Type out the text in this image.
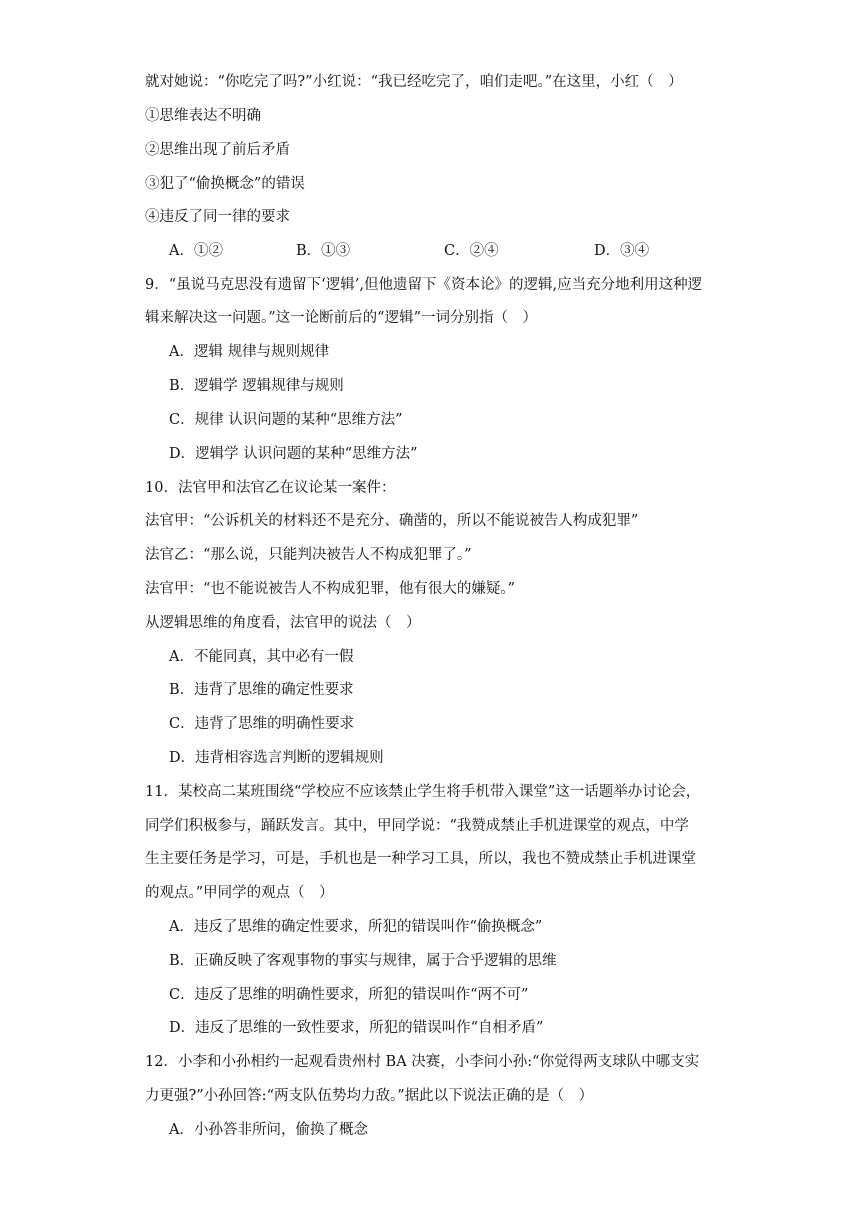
就对她说：“你吃完了吗?”小红说：“我已经吃完了，咱们走吧。”在这里，小红（　）
①思维表达不明确
②思维出现了前后矛盾
③犯了“偷换概念”的错误
④违反了同一律的要求
A．①②	B．①③	C．②④	D．③④
9．“虽说马克思没有遗留下‘逻辑’,但他遗留下《资本论》的逻辑,应当充分地利用这种逻
辑来解决这一问题。”这一论断前后的“逻辑”一词分别指（　）
A．逻辑 规律与规则规律
B．逻辑学 逻辑规律与规则
C．规律 认识问题的某种“思维方法”
D．逻辑学 认识问题的某种“思维方法”
10．法官甲和法官乙在议论某一案件：
法官甲：“公诉机关的材料还不是充分、确凿的，所以不能说被告人构成犯罪”
法官乙：“那么说，只能判决被告人不构成犯罪了。”
法官甲：“也不能说被告人不构成犯罪，他有很大的嫌疑。”
从逻辑思维的角度看，法官甲的说法（　）
A．不能同真，其中必有一假
B．违背了思维的确定性要求
C．违背了思维的明确性要求
D．违背相容选言判断的逻辑规则
11．某校高二某班围绕“学校应不应该禁止学生将手机带入课堂”这一话题举办讨论会，
同学们积极参与，踊跃发言。其中，甲同学说：“我赞成禁止手机进课堂的观点，中学
生主要任务是学习，可是，手机也是一种学习工具，所以，我也不赞成禁止手机进课堂
的观点。”甲同学的观点（　）
A．违反了思维的确定性要求，所犯的错误叫作“偷换概念”
B．正确反映了客观事物的事实与规律，属于合乎逻辑的思维
C．违反了思维的明确性要求，所犯的错误叫作“两不可”
D．违反了思维的一致性要求，所犯的错误叫作“自相矛盾”
12．小李和小孙相约一起观看贵州村 BA 决赛，小李问小孙:“你觉得两支球队中哪支实
力更强?”小孙回答:“两支队伍势均力敌。”据此以下说法正确的是（　）
A．小孙答非所问，偷换了概念
